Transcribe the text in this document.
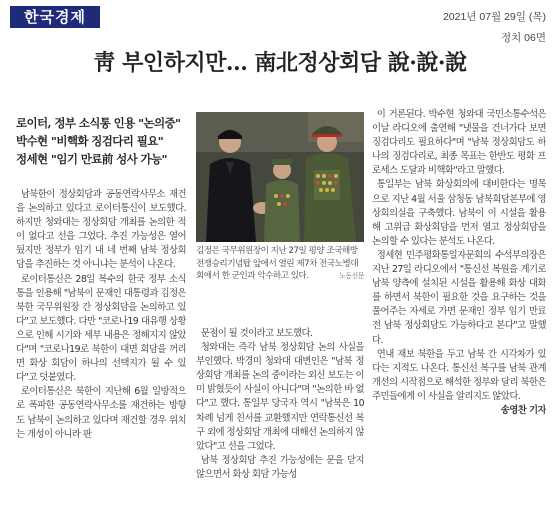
한국경제	2021년 07월 29일 (목)
정치 06면
靑 부인하지만… 南北정상회담 說·說·說
로이터, 정부 소식통 인용 "논의중"
박수현 "비핵화 징검다리 필요"
정세현 "임기 만료前 성사 가능"

남북한이 정상회담과 공동연락사무소 재건을 논의하고 있다고 로이터통신이 보도했다. 하지만 청와대는 정상회담 개최를 논의한 적이 없다고 선을 그었다. 추진 가능성은 열어뒀지만 정부가 임기 내 네 번째 남북 정상회담을 추진하는 것 아니냐는 분석이 나온다.

로이터통신은 28일 복수의 한국 정부 소식통을 인용해 "남북이 문재인 대통령과 김정은 북한 국무위원장 간 정상회담을 논의하고 있다"고 보도했다. 다만 "코로나19 대유행 상황으로 인해 시기와 세부 내용은 정해지지 않았다"며 "코로나19로 북한이 대면 회담을 꺼리면 화상 회담이 하나의 선택지가 될 수 있다"고 덧붙였다.

로이터통신은 북한이 지난해 6월 일방적으로 폭파한 공동연락사무소를 재건하는 방향도 남북이 논의하고 있다며 재건할 경우 위치는 개성이 아니라 판

김정은 국무위원장이 지난 27일 평양 조국해방전쟁승리기념탑 앞에서 열린 제7차 전국노병대회에서 한 군인과 악수하고 있다.	노동신문

문점이 될 것이라고 보도했다.

청와대는 즉각 남북 정상회담 논의 사실을 부인했다. 박경미 청와대 대변인은 "남북 정상회담 개최를 논의 중이라는 외신 보도는 이미 밝혔듯이 사실이 아니다"며 "논의한 바 없다"고 했다. 통일부 당국자 역시 "남북은 10차례 넘게 친서를 교환했지만 연락통신선 복구 외에 정상회담 개최에 대해선 논의하지 않았다"고 선을 그었다.

남북 정상회담 추진 가능성에는 문을 닫지 않으면서 화상 회담 가능성

이 거론된다. 박수현 청와대 국민소통수석은 이날 라디오에 출연해 "냇물을 건너가다 보면 징검다리도 필요하다"며 "남북 정상회담도 하나의 징검다리로, 최종 목표는 한반도 평화 프로세스 도달과 비핵화"라고 말했다.

통일부는 남북 화상회의에 대비한다는 명목으로 지난 4월 서울 삼청동 남북회담본부에 영상회의실을 구축했다. 남북이 이 시설을 활용해 고위급 화상회담을 먼저 열고 정상회담을 논의할 수 있다는 분석도 나온다.

정세현 민주평화통일자문회의 수석부의장은 지난 27일 라디오에서 "통신선 복원을 계기로 남북 양측에 설치된 시설을 활용해 화상 대화를 하면서 북한이 필요한 것을 요구하는 것을 풀어주는 자세로 가면 문재인 정부 임기 만료 전 남북 정상회담도 가능하다고 본다"고 말했다.

연내 재보 북한을 두고 남북 간 시각차가 있다는 지적도 나온다. 통신선 복구를 남북 관계 개선의 시작점으로 해석한 정부와 달리 북한은 주민들에게 이 사실을 알리지도 않았다.

송영찬 기자
